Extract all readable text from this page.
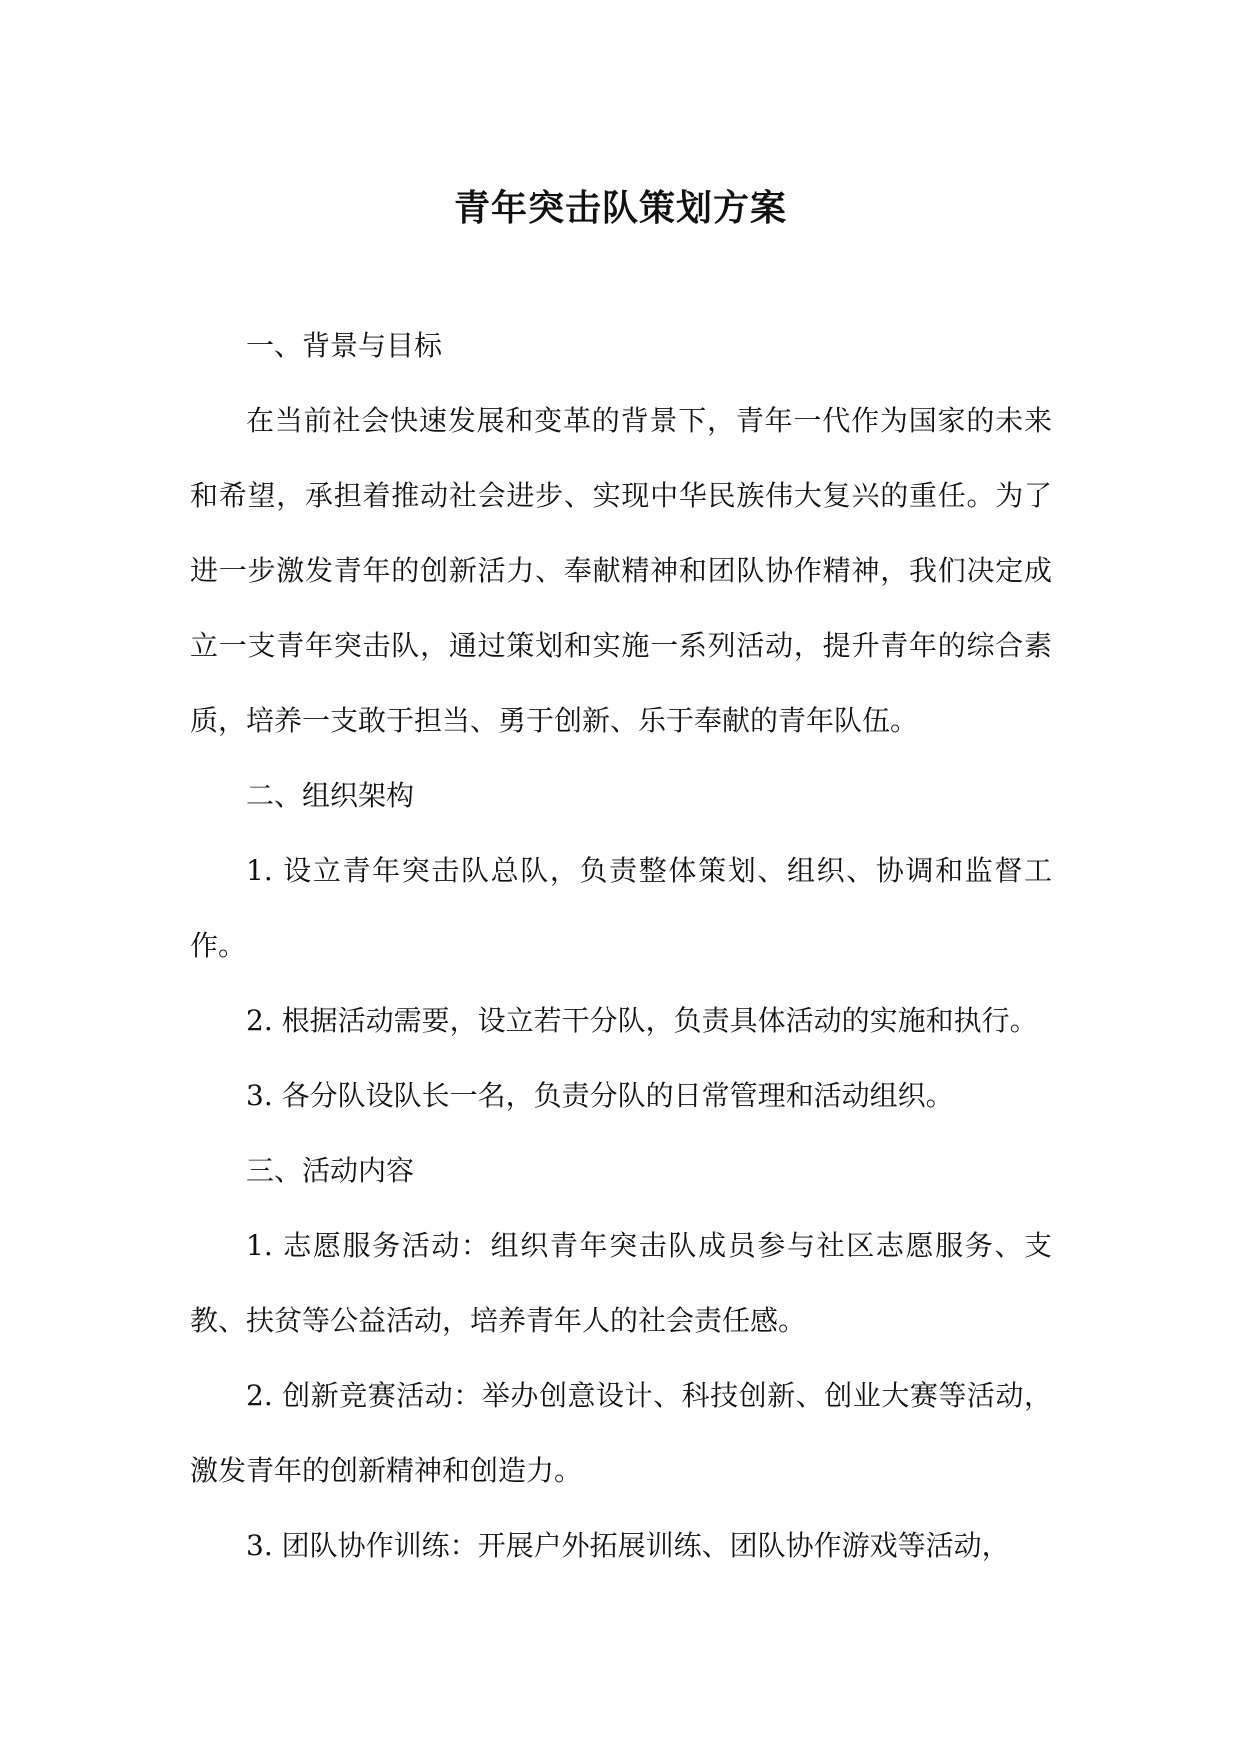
青年突击队策划方案

一、背景与目标

在当前社会快速发展和变革的背景下，青年一代作为国家的未来和希望，承担着推动社会进步、实现中华民族伟大复兴的重任。为了进一步激发青年的创新活力、奉献精神和团队协作精神，我们决定成立一支青年突击队，通过策划和实施一系列活动，提升青年的综合素质，培养一支敢于担当、勇于创新、乐于奉献的青年队伍。

二、组织架构

1. 设立青年突击队总队，负责整体策划、组织、协调和监督工作。

2. 根据活动需要，设立若干分队，负责具体活动的实施和执行。

3. 各分队设队长一名，负责分队的日常管理和活动组织。

三、活动内容

1. 志愿服务活动：组织青年突击队成员参与社区志愿服务、支教、扶贫等公益活动，培养青年人的社会责任感。

2. 创新竞赛活动：举办创意设计、科技创新、创业大赛等活动，激发青年的创新精神和创造力。

3. 团队协作训练：开展户外拓展训练、团队协作游戏等活动，
